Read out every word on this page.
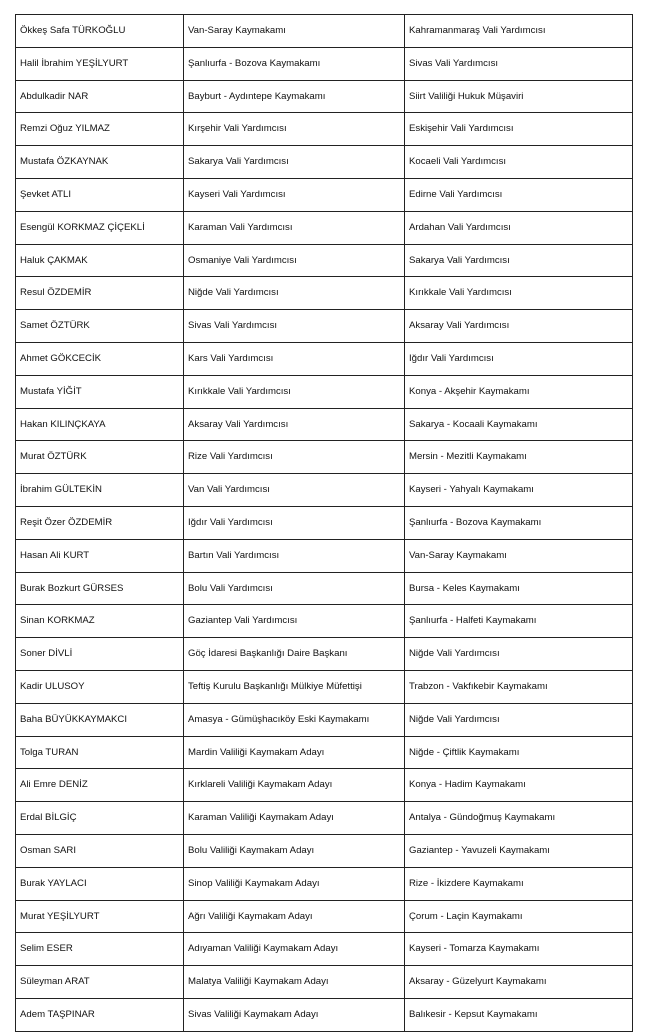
Ökkeş Safa TÜRKOĞLU	Van-Saray Kaymakamı	Kahramanmaraş Vali Yardımcısı
Halil İbrahim YEŞİLYURT	Şanlıurfa - Bozova Kaymakamı	Sivas Vali Yardımcısı
Abdulkadir NAR	Bayburt - Aydıntepe Kaymakamı	Siirt Valiliği Hukuk Müşaviri
Remzi Oğuz YILMAZ	Kırşehir Vali Yardımcısı	Eskişehir Vali Yardımcısı
Mustafa ÖZKAYNAK	Sakarya Vali Yardımcısı	Kocaeli Vali Yardımcısı
Şevket ATLI	Kayseri Vali Yardımcısı	Edirne Vali Yardımcısı
Esengül KORKMAZ ÇİÇEKLİ	Karaman Vali Yardımcısı	Ardahan Vali Yardımcısı
Haluk ÇAKMAK	Osmaniye Vali Yardımcısı	Sakarya Vali Yardımcısı
Resul ÖZDEMİR	Niğde Vali Yardımcısı	Kırıkkale Vali Yardımcısı
Samet ÖZTÜRK	Sivas Vali Yardımcısı	Aksaray Vali Yardımcısı
Ahmet GÖKCECİK	Kars Vali Yardımcısı	Iğdır Vali Yardımcısı
Mustafa YİĞİT	Kırıkkale Vali Yardımcısı	Konya - Akşehir Kaymakamı
Hakan KILINÇKAYA	Aksaray Vali Yardımcısı	Sakarya - Kocaali Kaymakamı
Murat ÖZTÜRK	Rize Vali Yardımcısı	Mersin - Mezitli Kaymakamı
İbrahim GÜLTEKİN	Van Vali Yardımcısı	Kayseri - Yahyalı Kaymakamı
Reşit Özer ÖZDEMİR	Iğdır Vali Yardımcısı	Şanlıurfa - Bozova Kaymakamı
Hasan Ali KURT	Bartın Vali Yardımcısı	Van-Saray Kaymakamı
Burak Bozkurt GÜRSES	Bolu Vali Yardımcısı	Bursa - Keles Kaymakamı
Sinan KORKMAZ	Gaziantep Vali Yardımcısı	Şanlıurfa - Halfeti Kaymakamı
Soner DİVLİ	Göç İdaresi Başkanlığı Daire Başkanı	Niğde Vali Yardımcısı
Kadir ULUSOY	Teftiş Kurulu Başkanlığı Mülkiye Müfettişi	Trabzon - Vakfıkebir Kaymakamı
Baha BÜYÜKKAYMAKCI	Amasya - Gümüşhacıköy Eski Kaymakamı	Niğde Vali Yardımcısı
Tolga TURAN	Mardin Valiliği Kaymakam Adayı	Niğde - Çiftlik Kaymakamı
Ali Emre DENİZ	Kırklareli Valiliği Kaymakam Adayı	Konya - Hadim Kaymakamı
Erdal BİLGİÇ	Karaman Valiliği Kaymakam Adayı	Antalya - Gündoğmuş Kaymakamı
Osman SARI	Bolu Valiliği Kaymakam Adayı	Gaziantep - Yavuzeli Kaymakamı
Burak YAYLACI	Sinop Valiliği Kaymakam Adayı	Rize - İkizdere Kaymakamı
Murat YEŞİLYURT	Ağrı Valiliği Kaymakam Adayı	Çorum - Laçin Kaymakamı
Selim ESER	Adıyaman Valiliği Kaymakam Adayı	Kayseri - Tomarza Kaymakamı
Süleyman ARAT	Malatya Valiliği Kaymakam Adayı	Aksaray - Güzelyurt Kaymakamı
Adem TAŞPINAR	Sivas Valiliği Kaymakam Adayı	Balıkesir - Kepsut Kaymakamı
